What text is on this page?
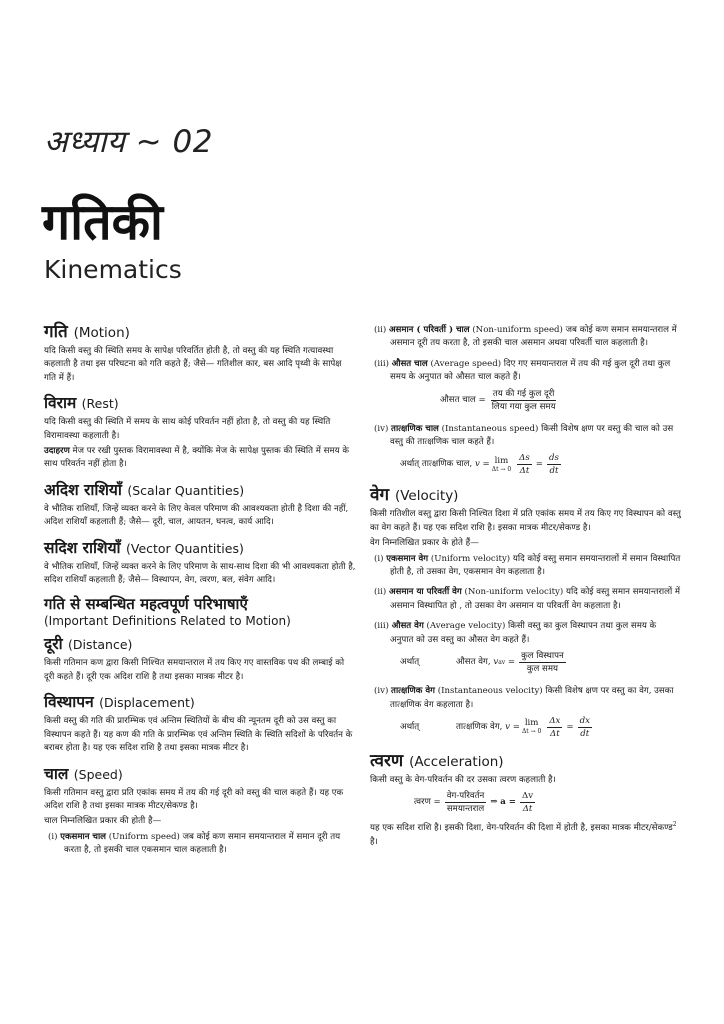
अध्याय ~ 02
गतिकी
Kinematics
गति (Motion)

यदि किसी वस्तु की स्थिति समय के सापेक्ष परिवर्तित होती है, तो वस्तु की यह स्थिति गत्यावस्था कहलाती है तथा इस परिघटना को गति कहते हैं; जैसे— गतिशील कार, बस आदि पृथ्वी के सापेक्ष गति में हैं।

विराम (Rest)

यदि किसी वस्तु की स्थिति में समय के साथ कोई परिवर्तन नहीं होता है, तो वस्तु की यह स्थिति विरामावस्था कहलाती है।

उदाहरण मेज पर रखी पुस्तक विरामावस्था में है, क्योंकि मेज के सापेक्ष पुस्तक की स्थिति में समय के साथ परिवर्तन नहीं होता है।

अदिश राशियाँ (Scalar Quantities)

वे भौतिक राशियाँ, जिन्हें व्यक्त करने के लिए केवल परिमाण की आवश्यकता होती है दिशा की नहीं, अदिश राशियाँ कहलाती हैं; जैसे— दूरी, चाल, आयतन, घनत्व, कार्य आदि।

सदिश राशियाँ (Vector Quantities)

वे भौतिक राशियाँ, जिन्हें व्यक्त करने के लिए परिमाण के साथ-साथ दिशा की भी आवश्यकता होती है, सदिश राशियाँ कहलाती हैं; जैसे— विस्थापन, वेग, त्वरण, बल, संवेग आदि।

गति से सम्बन्धित महत्वपूर्ण परिभाषाएँ
(Important Definitions Related to Motion)
दूरी (Distance)

किसी गतिमान कण द्वारा किसी निश्चित समयान्तराल में तय किए गए वास्तविक पथ की लम्बाई को दूरी कहते हैं। दूरी एक अदिश राशि है तथा इसका मात्रक मीटर है।

विस्थापन (Displacement)

किसी वस्तु की गति की प्रारम्भिक एवं अन्तिम स्थितियों के बीच की न्यूनतम दूरी को उस वस्तु का विस्थापन कहते हैं। यह कण की गति के प्रारम्भिक एवं अन्तिम स्थिति के स्थिति सदिशों के परिवर्तन के बराबर होता है। यह एक सदिश राशि है तथा इसका मात्रक मीटर है।

चाल (Speed)

किसी गतिमान वस्तु द्वारा प्रति एकांक समय में तय की गई दूरी को वस्तु की चाल कहते हैं। यह एक अदिश राशि है तथा इसका मात्रक मीटर/सेकण्ड है।

चाल निम्नलिखित प्रकार की होती है—

(i) एकसमान चाल (Uniform speed) जब कोई कण समान समयान्तराल में समान दूरी तय करता है, तो इसकी चाल एकसमान चाल कहलाती है।

(ii) असमान ( परिवर्ती ) चाल (Non-uniform speed) जब कोई कण समान समयान्तराल में असमान दूरी तय करता है, तो इसकी चाल असमान अथवा परिवर्ती चाल कहलाती है।

(iii) औसत चाल (Average speed) दिए गए समयान्तराल में तय की गई कुल दूरी तथा कुल समय के अनुपात को औसत चाल कहते हैं।

औसत चाल = $\frac{\text{तय की गई कुल दूरी}}{\text{लिया गया कुल समय}}$

(iv) तात्क्षणिक चाल (Instantaneous speed) किसी विशेष क्षण पर वस्तु की चाल को उस वस्तु की तात्क्षणिक चाल कहते हैं।

अर्थात् तात्क्षणिक चाल,
v = lim
$\Delta t \to 0 \frac{\Delta s}{\Delta t} = \frac{ds}{dt}$
वेग (Velocity)

किसी गतिशील वस्तु द्वारा किसी निश्चित दिशा में प्रति एकांक समय में तय किए गए विस्थापन को वस्तु का वेग कहते हैं। यह एक सदिश राशि है। इसका मात्रक मीटर/सेकण्ड है।

वेग निम्नलिखित प्रकार के होते हैं—

(i) एकसमान वेग (Uniform velocity) यदि कोई वस्तु समान समयान्तरालों में समान विस्थापित होती है, तो उसका वेग, एकसमान वेग कहलाता है।

(ii) असमान या परिवर्ती वेग (Non-uniform velocity) यदि कोई वस्तु समान समयान्तरालों में असमान विस्थापित हो , तो उसका वेग असमान या परिवर्ती वेग कहलाता है।

(iii) औसत वेग (Average velocity) किसी वस्तु का कुल विस्थापन तथा कुल समय के अनुपात को उस वस्तु का औसत वेग कहते हैं।

अर्थात्	औसत वेग,
v av
= $\frac{\text{कुल विस्थापन}}{\text{कुल समय}}$

(iv) तात्क्षणिक वेग (Instantaneous velocity) किसी विशेष क्षण पर वस्तु का वेग, उसका तात्क्षणिक वेग कहलाता है।

अर्थात्	तात्क्षणिक वेग,
v = lim
$\Delta t \to 0 \frac{\Delta x}{\Delta t} = \frac{dx}{dt}$
त्वरण (Acceleration)

किसी वस्तु के वेग-परिवर्तन की दर उसका त्वरण कहलाती है।

त्वरण = $\frac{\text{वेग-परिवर्तन}}{\text{समयान्तराल}}$ ⇒
$a = \frac{\Delta v}{\Delta t}$

यह एक सदिश राशि है। इसकी दिशा, वेग-परिवर्तन की दिशा में होती है, इसका मात्रक मीटर/सेकण्ड$^2$ है।
